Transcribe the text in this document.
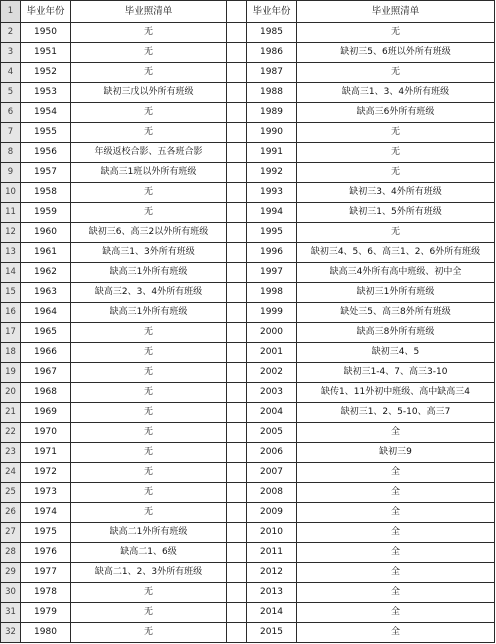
1	毕业年份	毕业照清单		毕业年份	毕业照清单
2	1950	无		1985	无
3	1951	无		1986	缺初三5、6班以外所有班级
4	1952	无		1987	无
5	1953	缺初三戊以外所有班级		1988	缺高三1、3、4外所有班级
6	1954	无		1989	缺高三6外所有班级
7	1955	无		1990	无
8	1956	年级返校合影、五各班合影		1991	无
9	1957	缺高三1班以外所有班级		1992	无
10	1958	无		1993	缺初三3、4外所有班级
11	1959	无		1994	缺初三1、5外所有班级
12	1960	缺初三6、高三2以外所有班级		1995	无
13	1961	缺高三1、3外所有班级		1996	缺初三4、5、6、高三1、2、6外所有班级
14	1962	缺高三1外所有班级		1997	缺高三4外所有高中班级、初中全
15	1963	缺高三2、3、4外所有班级		1998	缺初三1外所有班级
16	1964	缺高三1外所有班级		1999	缺处三5、高三8外所有班级
17	1965	无		2000	缺高三8外所有班级
18	1966	无		2001	缺初三4、5
19	1967	无		2002	缺初三1-4、7、高三3-10
20	1968	无		2003	缺传1、11外初中班级、高中缺高三4
21	1969	无		2004	缺初三1、2、5-10、高三7
22	1970	无		2005	全
23	1971	无		2006	缺初三9
24	1972	无		2007	全
25	1973	无		2008	全
26	1974	无		2009	全
27	1975	缺高二1外所有班级		2010	全
28	1976	缺高二1、6级		2011	全
29	1977	缺高二1、2、3外所有班级		2012	全
30	1978	无		2013	全
31	1979	无		2014	全
32	1980	无		2015	全
